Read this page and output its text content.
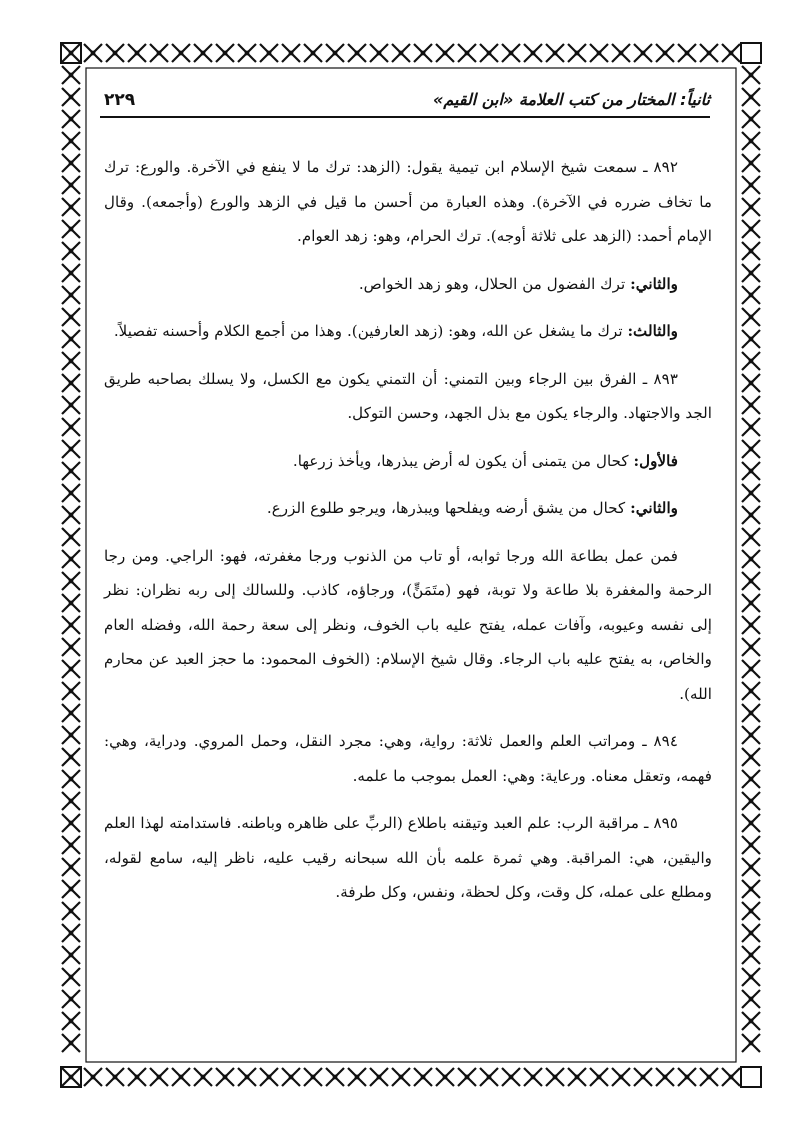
ثانياً: المختار من كتب العلامة «ابن القيم»
٢٢٩

٨٩٢ ـ سمعت شيخ الإسلام ابن تيمية يقول: (الزهد: ترك ما لا ينفع في الآخرة. والورع: ترك ما تخاف ضرره في الآخرة). وهذه العبارة من أحسن ما قيل في الزهد والورع (وأجمعه). وقال الإمام أحمد: (الزهد على ثلاثة أوجه). ترك الحرام، وهو: زهد العوام.

والثاني: ترك الفضول من الحلال، وهو زهد الخواص.

والثالث: ترك ما يشغل عن الله، وهو: (زهد العارفين). وهذا من أجمع الكلام وأحسنه تفصيلاً.

٨٩٣ ـ الفرق بين الرجاء وبين التمني: أن التمني يكون مع الكسل، ولا يسلك بصاحبه طريق الجد والاجتهاد. والرجاء يكون مع بذل الجهد، وحسن التوكل.

فالأول: كحال من يتمنى أن يكون له أرض يبذرها، ويأخذ زرعها.

والثاني: كحال من يشق أرضه ويفلحها ويبذرها، ويرجو طلوع الزرع.

فمن عمل بطاعة الله ورجا ثوابه، أو تاب من الذنوب ورجا مغفرته، فهو: الراجي. ومن رجا الرحمة والمغفرة بلا طاعة ولا توبة، فهو (متَمَنٍّ)، ورجاؤه، كاذب. وللسالك إلى ربه نظران: نظر إلى نفسه وعيوبه، وآفات عمله، يفتح عليه باب الخوف، ونظر إلى سعة رحمة الله، وفضله العام والخاص، به يفتح عليه باب الرجاء. وقال شيخ الإسلام: (الخوف المحمود: ما حجز العبد عن محارم الله).

٨٩٤ ـ ومراتب العلم والعمل ثلاثة: رواية، وهي: مجرد النقل، وحمل المروي. ودراية، وهي: فهمه، وتعقل معناه. ورعاية: وهي: العمل بموجب ما علمه.

٨٩٥ ـ مراقبة الرب: علم العبد وتيقنه باطلاع (الربِّ على ظاهره وباطنه. فاستدامته لهذا العلم واليقين، هي: المراقبة. وهي ثمرة علمه بأن الله سبحانه رقيب عليه، ناظر إليه، سامع لقوله، ومطلع على عمله، كل وقت، وكل لحظة، ونفس، وكل طرفة.
